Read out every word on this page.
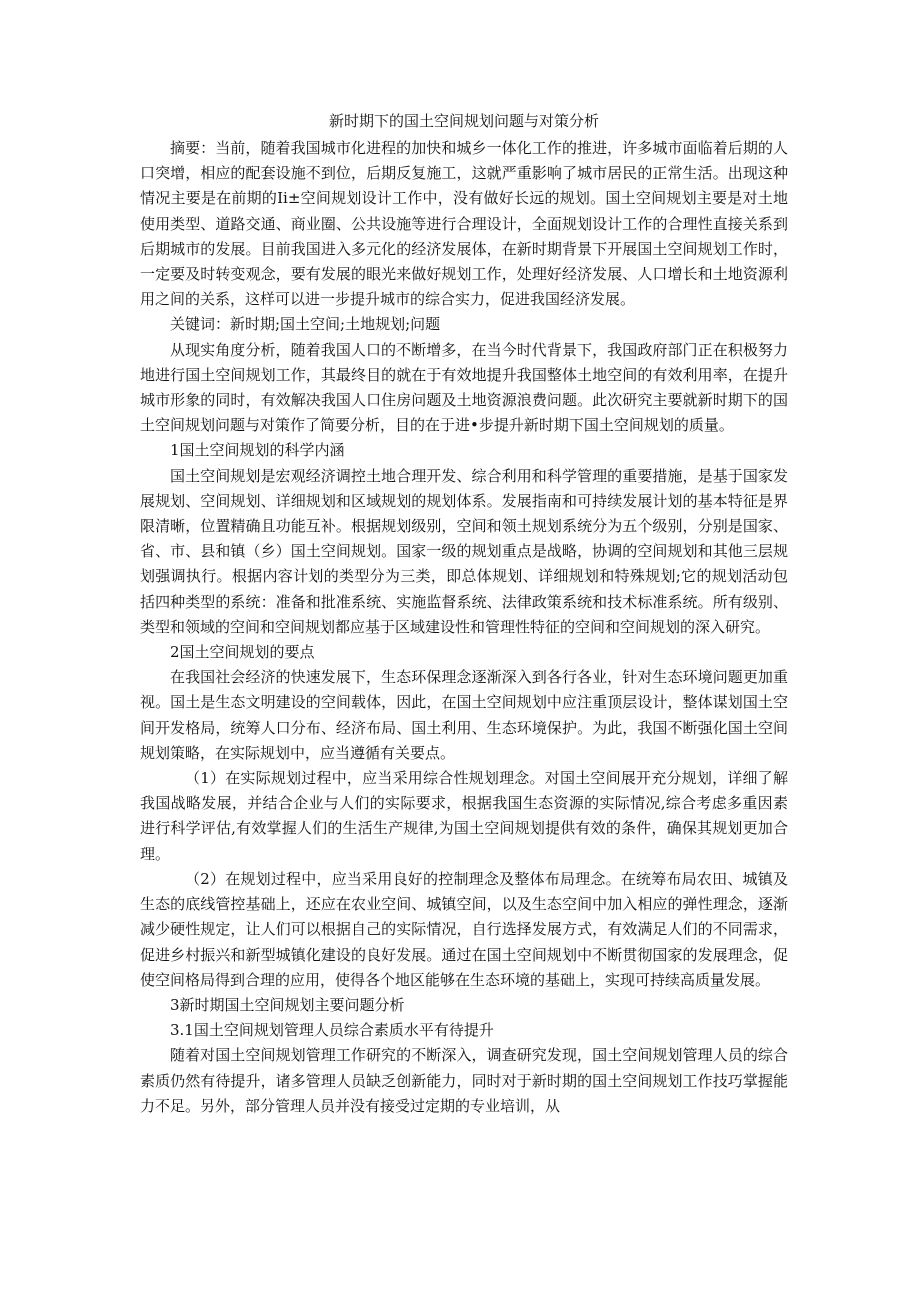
新时期下的国土空间规划问题与对策分析

摘要：当前，随着我国城市化进程的加快和城乡一体化工作的推进，许多城市面临着后期的人口突增，相应的配套设施不到位，后期反复施工，这就严重影响了城市居民的正常生活。出现这种情况主要是在前期的Ii±空间规划设计工作中，没有做好长远的规划。国土空间规划主要是对土地使用类型、道路交通、商业圈、公共设施等进行合理设计，全面规划设计工作的合理性直接关系到后期城市的发展。目前我国进入多元化的经济发展体，在新时期背景下开展国土空间规划工作时，一定要及时转变观念，要有发展的眼光来做好规划工作，处理好经济发展、人口增长和土地资源利用之间的关系，这样可以进一步提升城市的综合实力，促进我国经济发展。

关键词：新时期;国土空间;土地规划;问题

从现实角度分析，随着我国人口的不断增多，在当今时代背景下，我国政府部门正在积极努力地进行国土空间规划工作，其最终目的就在于有效地提升我国整体土地空间的有效利用率，在提升城市形象的同时，有效解决我国人口住房问题及土地资源浪费问题。此次研究主要就新时期下的国土空间规划问题与对策作了简要分析，目的在于进•步提升新时期下国土空间规划的质量。

1国土空间规划的科学内涵

国土空间规划是宏观经济调控土地合理开发、综合利用和科学管理的重要措施，是基于国家发展规划、空间规划、详细规划和区域规划的规划体系。发展指南和可持续发展计划的基本特征是界限清晰，位置精确且功能互补。根据规划级别，空间和领土规划系统分为五个级别，分别是国家、省、市、县和镇（乡）国土空间规划。国家一级的规划重点是战略，协调的空间规划和其他三层规划强调执行。根据内容计划的类型分为三类，即总体规划、详细规划和特殊规划;它的规划活动包括四种类型的系统：准备和批准系统、实施监督系统、法律政策系统和技术标准系统。所有级别、类型和领域的空间和空间规划都应基于区域建设性和管理性特征的空间和空间规划的深入研究。

2国土空间规划的要点

在我国社会经济的快速发展下，生态环保理念逐渐深入到各行各业，针对生态环境问题更加重视。国土是生态文明建设的空间载体，因此，在国土空间规划中应注重顶层设计，整体谋划国土空间开发格局，统筹人口分布、经济布局、国土利用、生态环境保护。为此，我国不断强化国土空间规划策略，在实际规划中，应当遵循有关要点。

（1）在实际规划过程中，应当采用综合性规划理念。对国土空间展开充分规划，详细了解我国战略发展，并结合企业与人们的实际要求，根据我国生态资源的实际情况,综合考虑多重因素进行科学评估,有效掌握人们的生活生产规律,为国土空间规划提供有效的条件，确保其规划更加合理。

（2）在规划过程中，应当采用良好的控制理念及整体布局理念。在统筹布局农田、城镇及生态的底线管控基础上，还应在农业空间、城镇空间，以及生态空间中加入相应的弹性理念，逐渐减少硬性规定，让人们可以根据自己的实际情况，自行选择发展方式，有效满足人们的不同需求，促进乡村振兴和新型城镇化建设的良好发展。通过在国土空间规划中不断贯彻国家的发展理念，促使空间格局得到合理的应用，使得各个地区能够在生态环境的基础上，实现可持续高质量发展。

3新时期国土空间规划主要问题分析

3.1国土空间规划管理人员综合素质水平有待提升

随着对国土空间规划管理工作研究的不断深入，调查研究发现，国土空间规划管理人员的综合素质仍然有待提升，诸多管理人员缺乏创新能力，同时对于新时期的国土空间规划工作技巧掌握能力不足。另外，部分管理人员并没有接受过定期的专业培训，从
